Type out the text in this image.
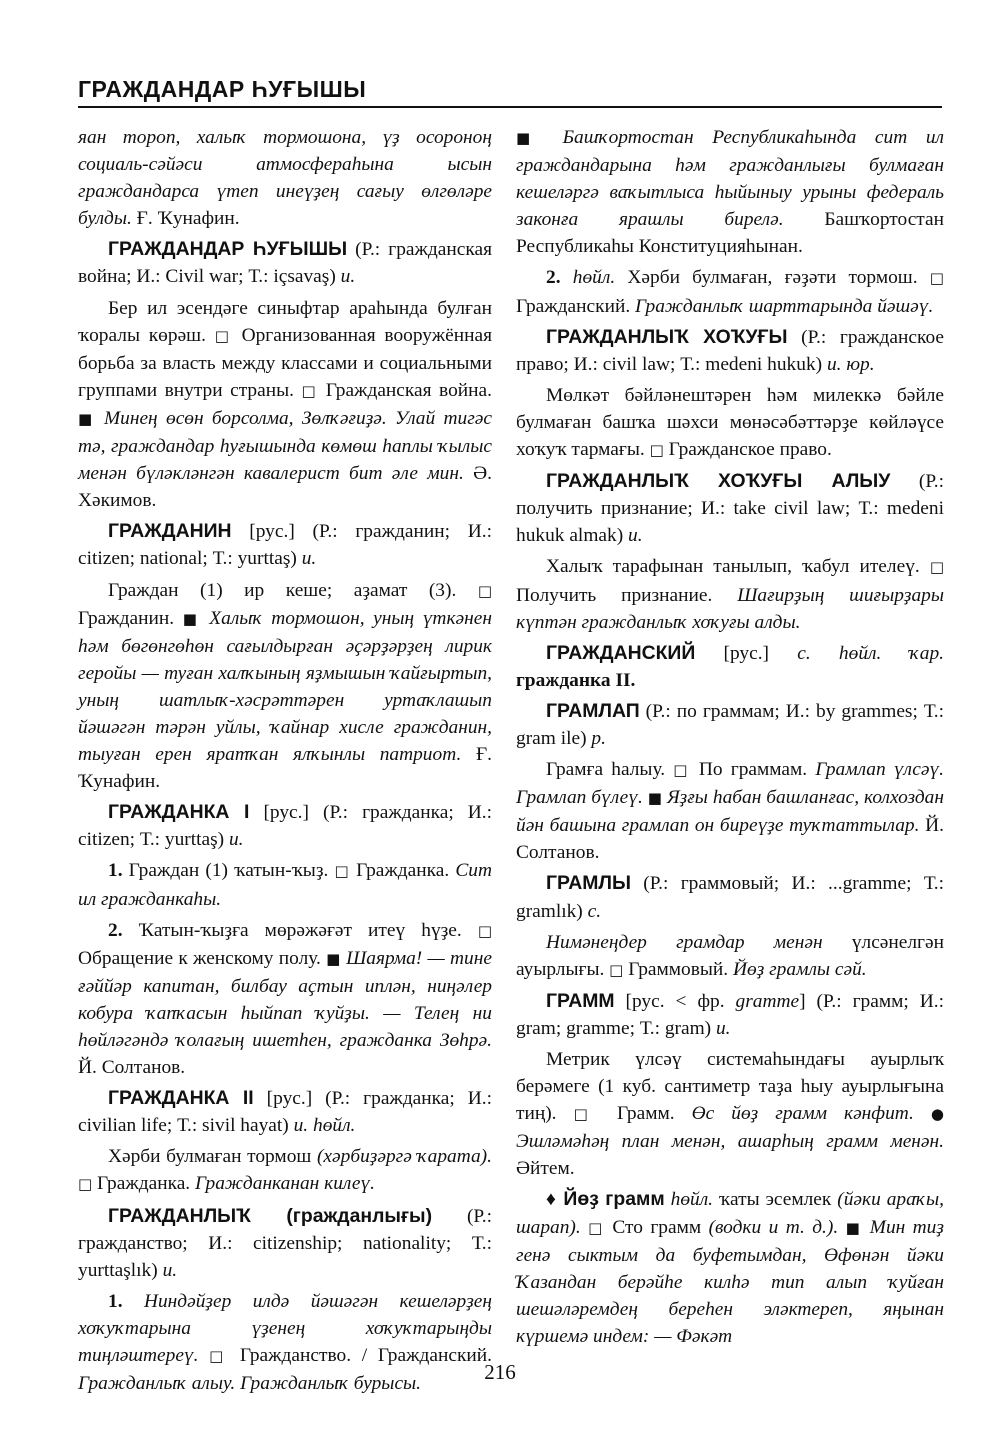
ГРАЖДАНДАР ҺУҒЫШЫ

яан тороп, халыҡ тормошона, үҙ осороноң социаль-сәйәси атмосфераһына ысын граждандарса үтеп инеүҙең сағыу өлгөләре булды. Ғ. Ҡунафин.

ГРАЖДАНДАР ҺУҒЫШЫ (Р.: гражданская война; И.: Civil war; Т.: içsavaş) и.

Бер ил эсендәге синыфтар араһында булған ҡоралы көрәш. □ Организованная вооружённая борьба за власть между классами и социальными группами внутри страны. □ Гражданская война. ■ Минең өсөн борсолма, Зөлҡәғиҙә. Улай тигәс тә, граждандар һуғышында көмөш һаплы ҡылыс менән бүләкләнгән кавалерист бит әле мин. Ә. Хәкимов.

ГРАЖДАНИН [рус.] (Р.: гражданин; И.: citizen; national; Т.: yurttaş) и.

Граждан (1) ир кеше; аҙамат (3). □ Гражданин. ■ Халыҡ тормошон, уның үткәнен һәм бөгөнгөһөн сағылдырған әҫәрҙәрҙең лирик геройы — туған халҡының яҙмышын ҡайғыртып, уның шатлыҡ-хәсрәттәрен уртаҡлашып йәшәгән тәрән уйлы, ҡайнар хисле гражданин, тыуған ерен яратҡан ялҡынлы патриот. Ғ. Ҡунафин.

ГРАЖДАНКА I [рус.] (Р.: гражданка; И.: citizen; Т.: yurttaş) и.

1. Граждан (1) ҡатын-ҡыҙ. □ Гражданка. Сит ил гражданкаһы.

2. Ҡатын-ҡыҙға мөрәжәғәт итеү һүҙе. □ Обращение к женскому полу. ■ Шаярма! — тине ғәййәр капитан, билбау аҫтын иплән, ниңәлер кобура ҡапҡасын һыйпап ҡуйҙы. — Телең ни һөйләгәндә ҡолағың ишетһен, гражданка Зөһрә. Й. Солтанов.

ГРАЖДАНКА II [рус.] (Р.: гражданка; И.: civilian life; Т.: sivil hayat) и. һөйл.

Хәрби булмаған тормош (хәрбиҙәргә ҡарата). □ Гражданка. Гражданканан килеү.

ГРАЖДАНЛЫҠ (гражданлығы) (Р.: гражданство; И.: citizenship; nationality; Т.: yurttaşlık) и.

1. Ниндәйҙер илдә йәшәгән кешеләрҙең хоҡуҡтарына үҙенең хоҡуҡтарыңды тиңләштереү. □ Гражданство. / Гражданский. Гражданлыҡ алыу. Гражданлыҡ бурысы.

■ Башҡортостан Республикаһында сит ил граждандарына һәм гражданлығы булмаған кешеләргә ваҡытлыса һыйыныу урыны федераль законға ярашлы бирелә. Башҡортостан Республикаһы Конституцияһынан.

2. һөйл. Хәрби булмаған, ғәҙәти тормош. □ Гражданский. Гражданлыҡ шарттарында йәшәү.

ГРАЖДАНЛЫҠ ХОҠУҒЫ (Р.: гражданское право; И.: civil law; Т.: medeni hukuk) и. юр.

Мөлкәт бәйләнештәрен һәм милеккә бәйле булмаған башҡа шәхси мөнәсәбәттәрҙе көйләүсе хоҡуҡ тармағы. □ Гражданское право.

ГРАЖДАНЛЫҠ ХОҠУҒЫ АЛЫУ (Р.: получить признание; И.: take civil law; Т.: medeni hukuk almak) и.

Халыҡ тарафынан танылып, ҡабул ителеү. □ Получить признание. Шағирҙың шиғырҙары күптән гражданлыҡ хоҡуғы алды.

ГРАЖДАНСКИЙ [рус.] с. һөйл. ҡар. гражданка II.

ГРАМЛАП (Р.: по граммам; И.: by grammes; Т.: gram ile) р.

Грамға һалыу. □ По граммам. Грамлап үлсәү. Грамлап бүлеү. ■ Яҙғы һабан башланғас, колхоздан йән башына грамлап он биреүҙе туҡтаттылар. Й. Солтанов.

ГРАМЛЫ (Р.: граммовый; И.: ...gramme; Т.: gramlık) с.

Нимәнеңдер грамдар менән үлсәнелгән ауырлығы. □ Граммовый. Йөҙ грамлы сәй.

ГРАММ [рус. < фр. gramme] (Р.: грамм; И.: gram; gramme; Т.: gram) и.

Метрик үлсәү системаһындағы ауырлыҡ берәмеге (1 куб. сантиметр таҙа һыу ауырлығына тиң). □ Грамм. Өс йөҙ грамм кәнфит. ● Эшләмәһәң план менән, ашарһың грамм менән. Әйтем.

♦ Йөҙ грамм һөйл. ҡаты эсемлек (йәки араҡы, шарап). □ Сто грамм (водки и т. д.). ■ Мин тиҙ генә сыктым да буфетымдан, Өфөнән йәки Ҡазандан берәйһе килһә тип алып ҡуйған шешәләремдең береһен эләктереп, яңынан күршемә индем: — Фәкәт

216
